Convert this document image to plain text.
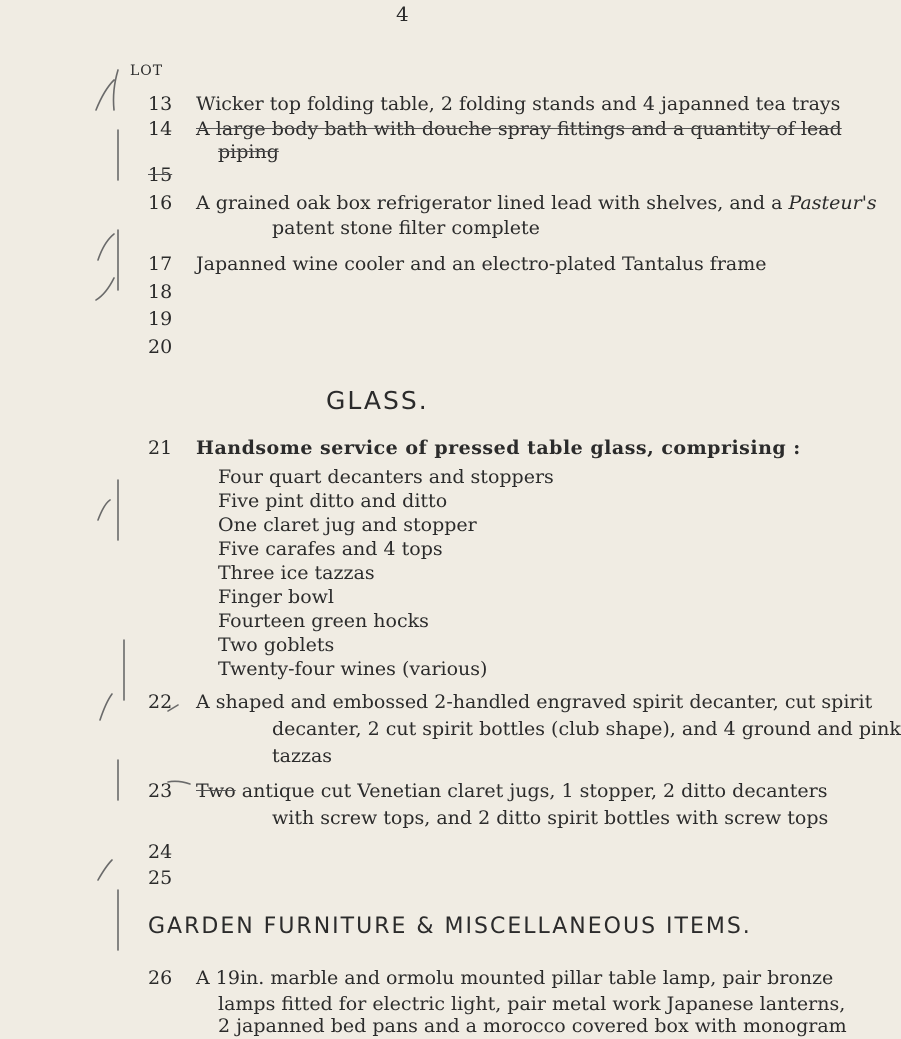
4
LOT
13 Wicker top folding table, 2 folding stands and 4 japanned tea trays
14 A large body bath with douche spray fittings and a quantity of lead
piping
15
16 A grained oak box refrigerator lined lead with shelves, and a Pasteur's
patent stone filter complete
17 Japanned wine cooler and an electro-plated Tantalus frame
18
19
20
GLASS.
21 Handsome service of pressed table glass, comprising :
Four quart decanters and stoppers
Five pint ditto and ditto
One claret jug and stopper
Five carafes and 4 tops
Three ice tazzas
Finger bowl
Fourteen green hocks
Two goblets
Twenty-four wines (various)
22 A shaped and embossed 2-handled engraved spirit decanter, cut spirit
decanter, 2 cut spirit bottles (club shape), and 4 ground and pink
tazzas
23 Two antique cut Venetian claret jugs, 1 stopper, 2 ditto decanters
with screw tops, and 2 ditto spirit bottles with screw tops
24
25
GARDEN FURNITURE & MISCELLANEOUS ITEMS.
26 A 19in. marble and ormolu mounted pillar table lamp, pair bronze
lamps fitted for electric light, pair metal work Japanese lanterns,
2 japanned bed pans and a morocco covered box with monogram
